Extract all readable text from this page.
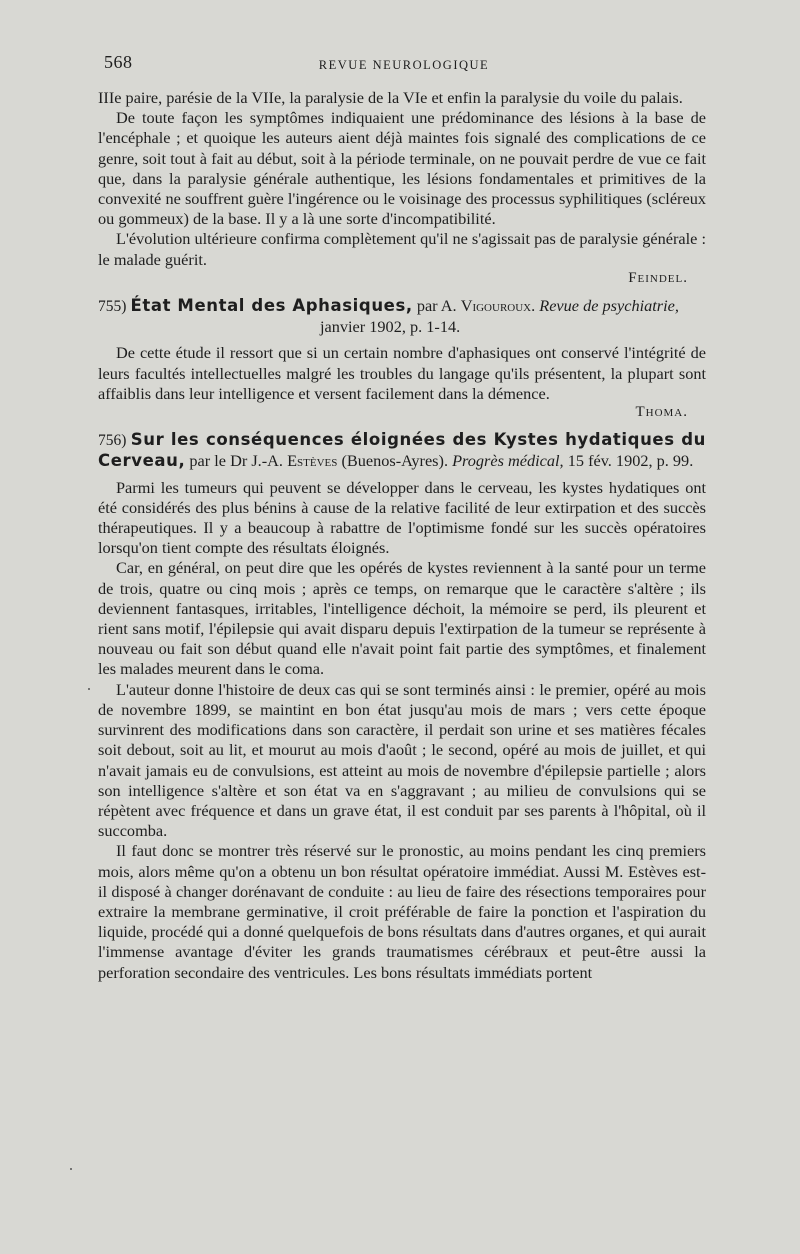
568	REVUE NEUROLOGIQUE

IIIe paire, parésie de la VIIe, la paralysie de la VIe et enfin la paralysie du voile du palais.

De toute façon les symptômes indiquaient une prédominance des lésions à la base de l'encéphale ; et quoique les auteurs aient déjà maintes fois signalé des complications de ce genre, soit tout à fait au début, soit à la période terminale, on ne pouvait perdre de vue ce fait que, dans la paralysie générale authentique, les lésions fondamentales et primitives de la convexité ne souffrent guère l'ingérence ou le voisinage des processus syphilitiques (scléreux ou gommeux) de la base. Il y a là une sorte d'incompatibilité.

L'évolution ultérieure confirma complètement qu'il ne s'agissait pas de paralysie générale : le malade guérit.

Feindel.

755) État Mental des Aphasiques, par A. Vigouroux. Revue de psychiatrie,
janvier 1902, p. 1-14.

De cette étude il ressort que si un certain nombre d'aphasiques ont conservé l'intégrité de leurs facultés intellectuelles malgré les troubles du langage qu'ils présentent, la plupart sont affaiblis dans leur intelligence et versent facilement dans la démence.

Thoma.

756) Sur les conséquences éloignées des Kystes hydatiques du Cerveau, par le Dr J.-A. Estèves (Buenos-Ayres). Progrès médical, 15 fév. 1902, p. 99.

Parmi les tumeurs qui peuvent se développer dans le cerveau, les kystes hydatiques ont été considérés des plus bénins à cause de la relative facilité de leur extirpation et des succès thérapeutiques. Il y a beaucoup à rabattre de l'optimisme fondé sur les succès opératoires lorsqu'on tient compte des résultats éloignés.

Car, en général, on peut dire que les opérés de kystes reviennent à la santé pour un terme de trois, quatre ou cinq mois ; après ce temps, on remarque que le caractère s'altère ; ils deviennent fantasques, irritables, l'intelligence déchoit, la mémoire se perd, ils pleurent et rient sans motif, l'épilepsie qui avait disparu depuis l'extirpation de la tumeur se représente à nouveau ou fait son début quand elle n'avait point fait partie des symptômes, et finalement les malades meurent dans le coma.

L'auteur donne l'histoire de deux cas qui se sont terminés ainsi : le premier, opéré au mois de novembre 1899, se maintint en bon état jusqu'au mois de mars ; vers cette époque survinrent des modifications dans son caractère, il perdait son urine et ses matières fécales soit debout, soit au lit, et mourut au mois d'août ; le second, opéré au mois de juillet, et qui n'avait jamais eu de convulsions, est atteint au mois de novembre d'épilepsie partielle ; alors son intelligence s'altère et son état va en s'aggravant ; au milieu de convulsions qui se répètent avec fréquence et dans un grave état, il est conduit par ses parents à l'hôpital, où il succomba.

Il faut donc se montrer très réservé sur le pronostic, au moins pendant les cinq premiers mois, alors même qu'on a obtenu un bon résultat opératoire immédiat. Aussi M. Estèves est-il disposé à changer dorénavant de conduite : au lieu de faire des résections temporaires pour extraire la membrane germinative, il croit préférable de faire la ponction et l'aspiration du liquide, procédé qui a donné quelquefois de bons résultats dans d'autres organes, et qui aurait l'immense avantage d'éviter les grands traumatismes cérébraux et peut-être aussi la perforation secondaire des ventricules. Les bons résultats immédiats portent
